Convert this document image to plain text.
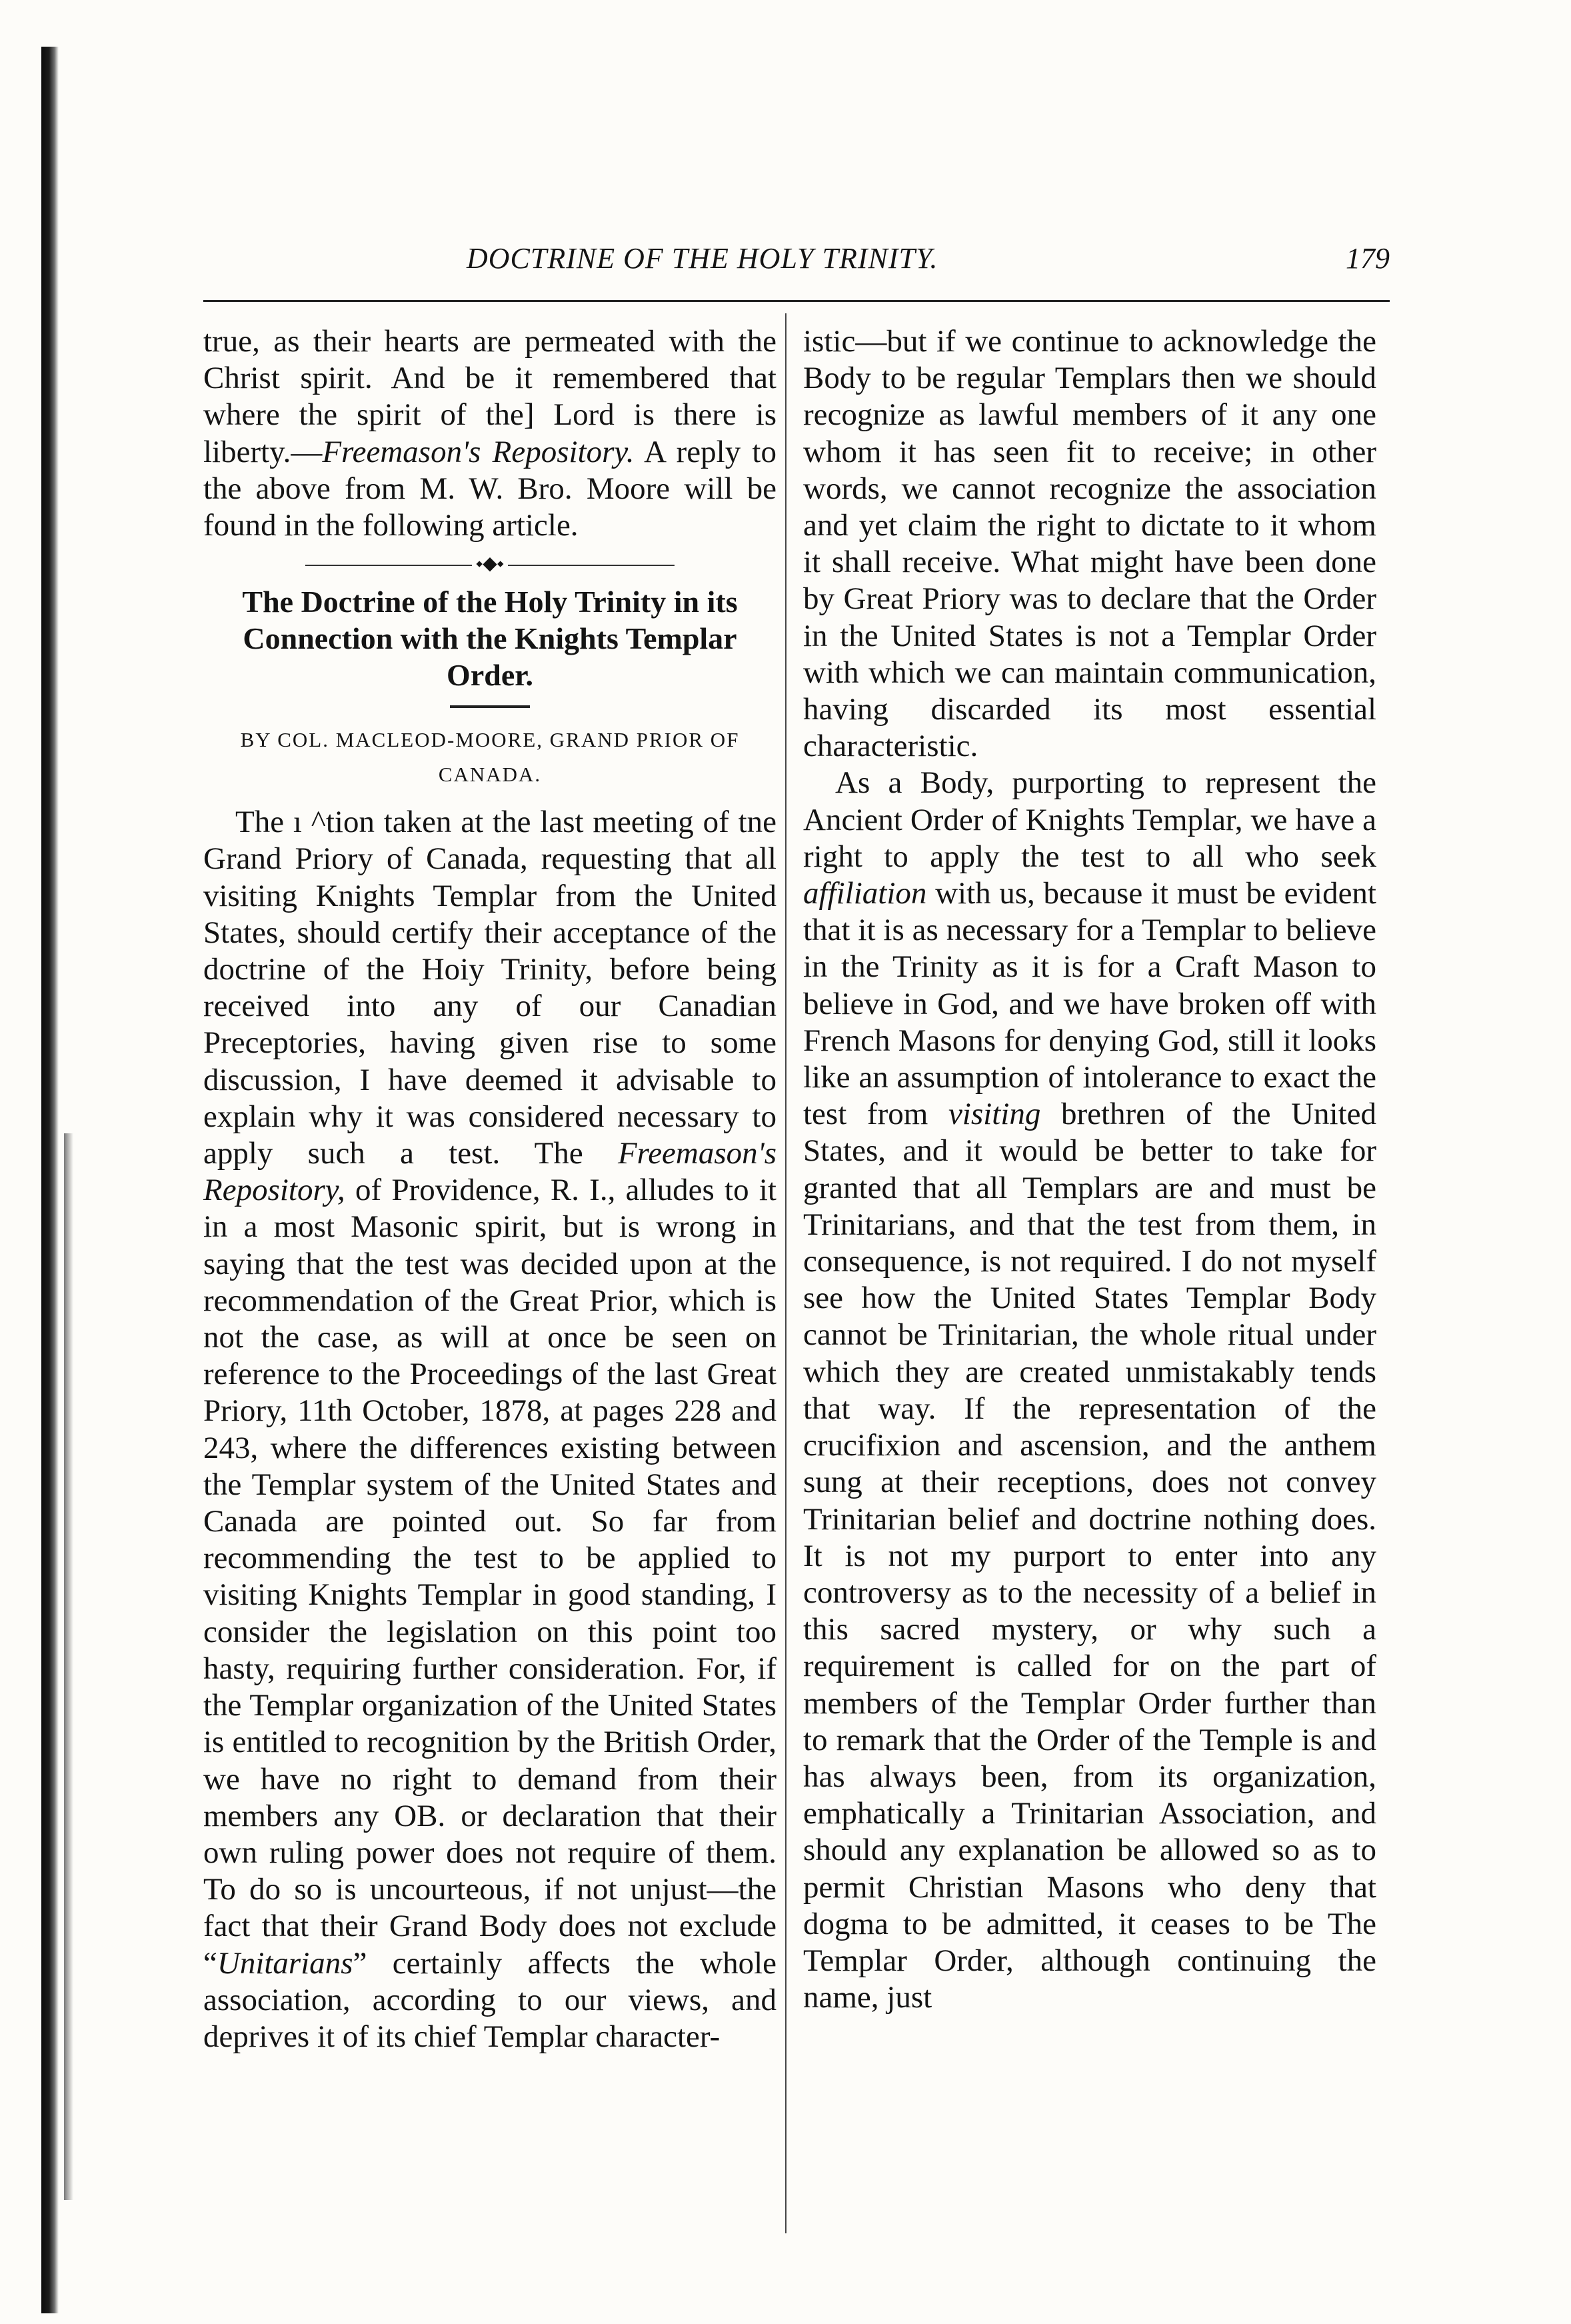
DOCTRINE OF THE HOLY TRINITY.	179

true, as their hearts are permeated with the Christ spirit. And be it remembered that where the spirit of the] Lord is there is liberty.—Freemason's Repository. A reply to the above from M. W. Bro. Moore will be found in the following article.

⬩◆⬩
The Doctrine of the Holy Trinity in its Connection with the Knights Templar Order.
BY COL. MACLEOD-MOORE, GRAND PRIOR OF CANADA.

The ı ^tion taken at the last meeting of tne Grand Priory of Canada, requesting that all visiting Knights Templar from the United States, should certify their acceptance of the doctrine of the Hoiy Trinity, before being received into any of our Canadian Preceptories, having given rise to some discussion, I have deemed it advisable to explain why it was considered necessary to apply such a test. The Freemason's Repository, of Providence, R. I., alludes to it in a most Masonic spirit, but is wrong in saying that the test was decided upon at the recommendation of the Great Prior, which is not the case, as will at once be seen on reference to the Proceedings of the last Great Priory, 11th October, 1878, at pages 228 and 243, where the differences existing between the Templar system of the United States and Canada are pointed out. So far from recommending the test to be applied to visiting Knights Templar in good standing, I consider the legislation on this point too hasty, requiring further consideration. For, if the Templar organization of the United States is entitled to recognition by the British Order, we have no right to demand from their members any OB. or declaration that their own ruling power does not require of them. To do so is uncourteous, if not unjust—the fact that their Grand Body does not exclude “Unitarians” certainly affects the whole association, according to our views, and deprives it of its chief Templar character-

istic—but if we continue to acknowledge the Body to be regular Templars then we should recognize as lawful members of it any one whom it has seen fit to receive; in other words, we cannot recognize the association and yet claim the right to dictate to it whom it shall receive. What might have been done by Great Priory was to declare that the Order in the United States is not a Templar Order with which we can maintain communication, having discarded its most essential characteristic.

As a Body, purporting to represent the Ancient Order of Knights Templar, we have a right to apply the test to all who seek affiliation with us, because it must be evident that it is as necessary for a Templar to believe in the Trinity as it is for a Craft Mason to believe in God, and we have broken off with French Masons for denying God, still it looks like an assumption of intolerance to exact the test from visiting brethren of the United States, and it would be better to take for granted that all Templars are and must be Trinitarians, and that the test from them, in consequence, is not required. I do not myself see how the United States Templar Body cannot be Trinitarian, the whole ritual under which they are created unmistakably tends that way. If the representation of the crucifixion and ascension, and the anthem sung at their receptions, does not convey Trinitarian belief and doctrine nothing does. It is not my purport to enter into any controversy as to the necessity of a belief in this sacred mystery, or why such a requirement is called for on the part of members of the Templar Order further than to remark that the Order of the Temple is and has always been, from its organization, emphatically a Trinitarian Association, and should any explanation be allowed so as to permit Christian Masons who deny that dogma to be admitted, it ceases to be The Templar Order, although continuing the name, just
